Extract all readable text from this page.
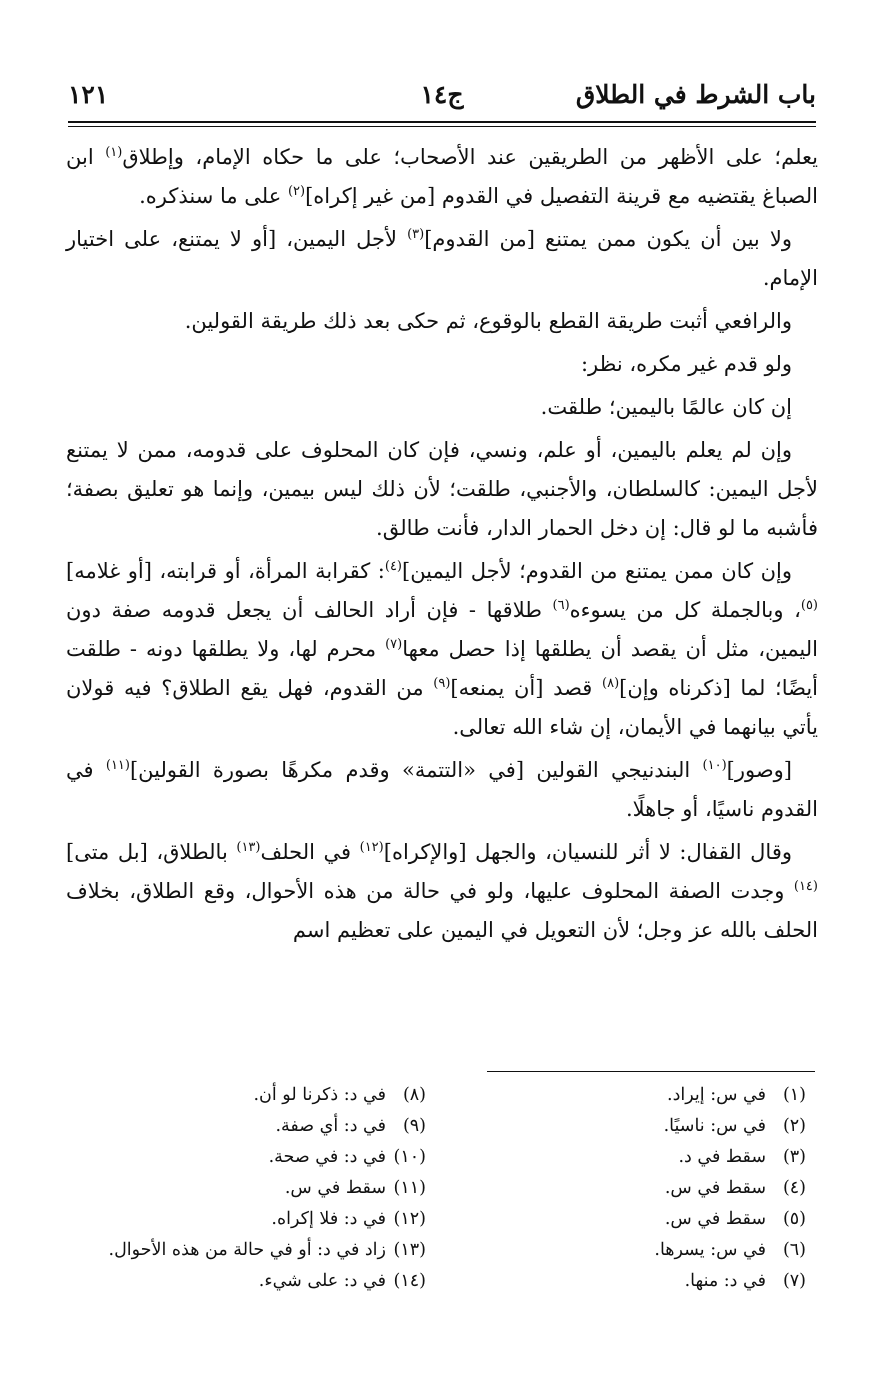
باب الشرط في الطلاق
ج١٤
١٢١

يعلم؛ على الأظهر من الطريقين عند الأصحاب؛ على ما حكاه الإمام، وإطلاق$^{(١)}$ ابن الصباغ يقتضيه مع قرينة التفصيل في القدوم [من غير إكراه]$^{(٢)}$ على ما سنذكره.

ولا بين أن يكون ممن يمتنع [من القدوم]$^{(٣)}$ لأجل اليمين، [أو لا يمتنع، على اختيار الإمام.

والرافعي أثبت طريقة القطع بالوقوع، ثم حكى بعد ذلك طريقة القولين.

ولو قدم غير مكره، نظر:

إن كان عالمًا باليمين؛ طلقت.

وإن لم يعلم باليمين، أو علم، ونسي، فإن كان المحلوف على قدومه، ممن لا يمتنع لأجل اليمين: كالسلطان، والأجنبي، طلقت؛ لأن ذلك ليس بيمين، وإنما هو تعليق بصفة؛ فأشبه ما لو قال: إن دخل الحمار الدار، فأنت طالق.

وإن كان ممن يمتنع من القدوم؛ لأجل اليمين]$^{(٤)}$: كقرابة المرأة، أو قرابته، [أو غلامه]$^{(٥)}$، وبالجملة كل من يسوءه$^{(٦)}$ طلاقها - فإن أراد الحالف أن يجعل قدومه صفة دون اليمين، مثل أن يقصد أن يطلقها إذا حصل معها$^{(٧)}$ محرم لها، ولا يطلقها دونه - طلقت أيضًا؛ لما [ذكرناه وإن]$^{(٨)}$ قصد [أن يمنعه]$^{(٩)}$ من القدوم، فهل يقع الطلاق؟ فيه قولان يأتي بيانهما في الأيمان، إن شاء الله تعالى.

[وصور]$^{(١٠)}$ البندنيجي القولين [في «التتمة» وقدم مكرهًا بصورة القولين]$^{(١١)}$ في القدوم ناسيًا، أو جاهلًا.

وقال القفال: لا أثر للنسيان، والجهل [والإكراه]$^{(١٢)}$ في الحلف$^{(١٣)}$ بالطلاق، [بل متى]$^{(١٤)}$ وجدت الصفة المحلوف عليها، ولو في حالة من هذه الأحوال، وقع الطلاق، بخلاف الحلف بالله عز وجل؛ لأن التعويل في اليمين على تعظيم اسم

(١)في س: إيراد.
(٢)في س: ناسيًا.
(٣)سقط في د.
(٤)سقط في س.
(٥)سقط في س.
(٦)في س: يسرها.
(٧)في د: منها.
(٨)في د: ذكرنا لو أن.
(٩)في د: أي صفة.
(١٠)في د: في صحة.
(١١)سقط في س.
(١٢)في د: فلا إكراه.
(١٣)زاد في د: أو في حالة من هذه الأحوال.
(١٤)في د: على شيء.
